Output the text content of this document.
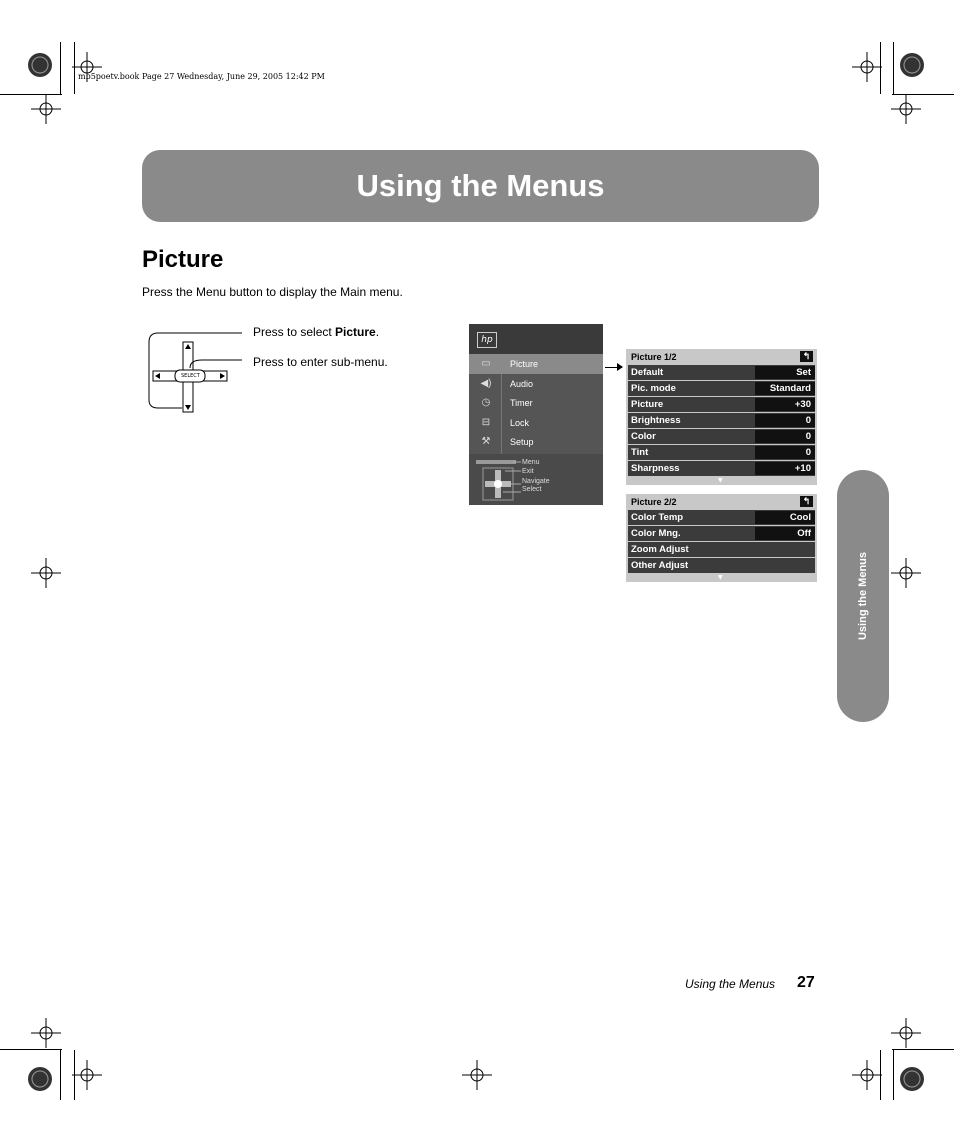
mb5poetv.book Page 27 Wednesday, June 29, 2005 12:42 PM
Using the Menus
Picture
Press the Menu button to display the Main menu.
SELECT
Press to select Picture.
Press to enter sub-menu.
hp
▭ Picture
◀) Audio
◷ Timer
⊟	Lock
⚒ Setup
Menu
Exit
Navigate
Select
Picture 1/2	↰
Default	Set
Pic. mode	Standard
Picture	+30
Brightness	0
Color	0
Tint	0
Sharpness	+10
▼
Picture 2/2	↰
Color Temp	Cool
Color Mng.	Off
Zoom Adjust
Other Adjust
▼	Using the Menus
Using the Menus 27
